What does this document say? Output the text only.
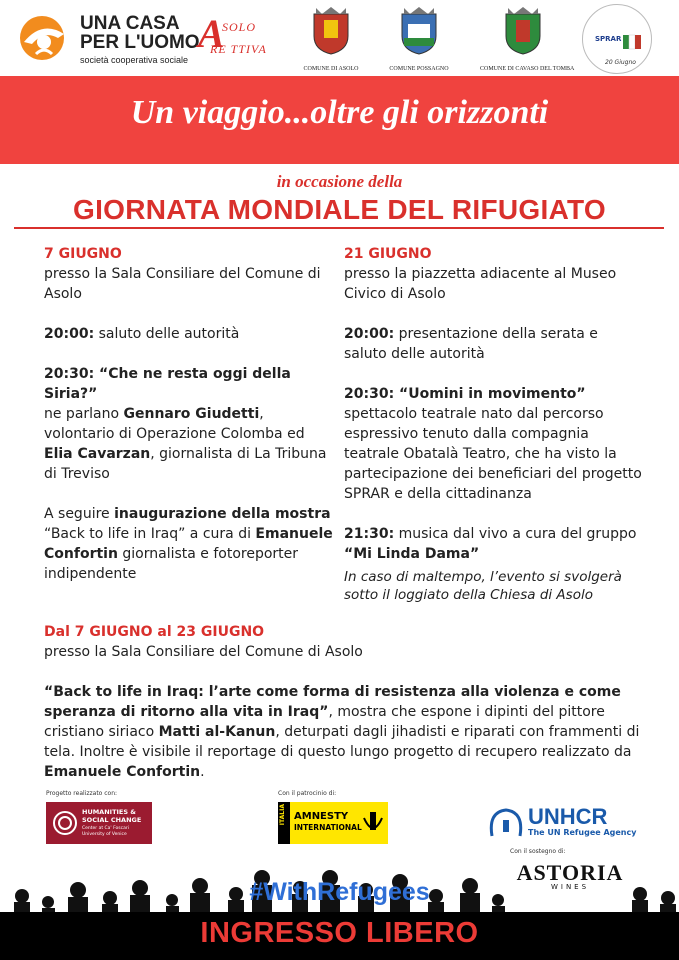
UNA CASA
PER L'UOMO
società cooperativa sociale
A
SOLO
RE TTIVA
COMUNE DI ASOLO	COMUNE POSSAGNO	COMUNE DI CAVASO DEL TOMBA
SPRAR
20 Giugno
Un viaggio...oltre gli orizzonti
in occasione della
GIORNATA MONDIALE DEL RIFUGIATO
7 GIUGNO

presso la Sala Consiliare del Comune di
Asolo

20:00: saluto delle autorità
20:30: “Che ne resta oggi della Siria?”
ne parlano Gennaro Giudetti, volontario di Operazione Colomba ed Elia Cavarzan, giornalista di La Tribuna di Treviso
A seguire inaugurazione della mostra
“Back to life in Iraq” a cura di Emanuele Confortin giornalista e fotoreporter indipendente
21 GIUGNO

presso la piazzetta adiacente al Museo
Civico di Asolo

20:00: presentazione della serata e saluto delle autorità
20:30: “Uomini in movimento”
spettacolo teatrale nato dal percorso espressivo tenuto dalla compagnia teatrale Obatalà Teatro, che ha visto la partecipazione dei beneficiari del progetto SPRAR e della cittadinanza
21:30: musica dal vivo a cura del gruppo
“Mi Linda Dama”
In caso di maltempo, l’evento si svolgerà sotto il loggiato della Chiesa di Asolo
Dal 7 GIUGNO al 23 GIUGNO
presso la Sala Consiliare del Comune di Asolo
“Back to life in Iraq: l’arte come forma di resistenza alla violenza e come speranza di ritorno alla vita in Iraq”, mostra che espone i dipinti del pittore cristiano siriaco Matti al-Kanun, deturpati dagli jihadisti e riparati con frammenti di tela. Inoltre è visibile il reportage di questo lungo progetto di recupero realizzato da Emanuele Confortin.
Progetto realizzato con:
HUMANITIES &
SOCIAL CHANGE
Center at Ca' Foscari
University of Venice
Con il patrocinio di:
ITALIA AMNESTY
INTERNATIONAL	UNHCR
The UN Refugee Agency
Con il sostegno di:
ASTORIA
WINES
#WithRefugees
INGRESSO LIBERO
